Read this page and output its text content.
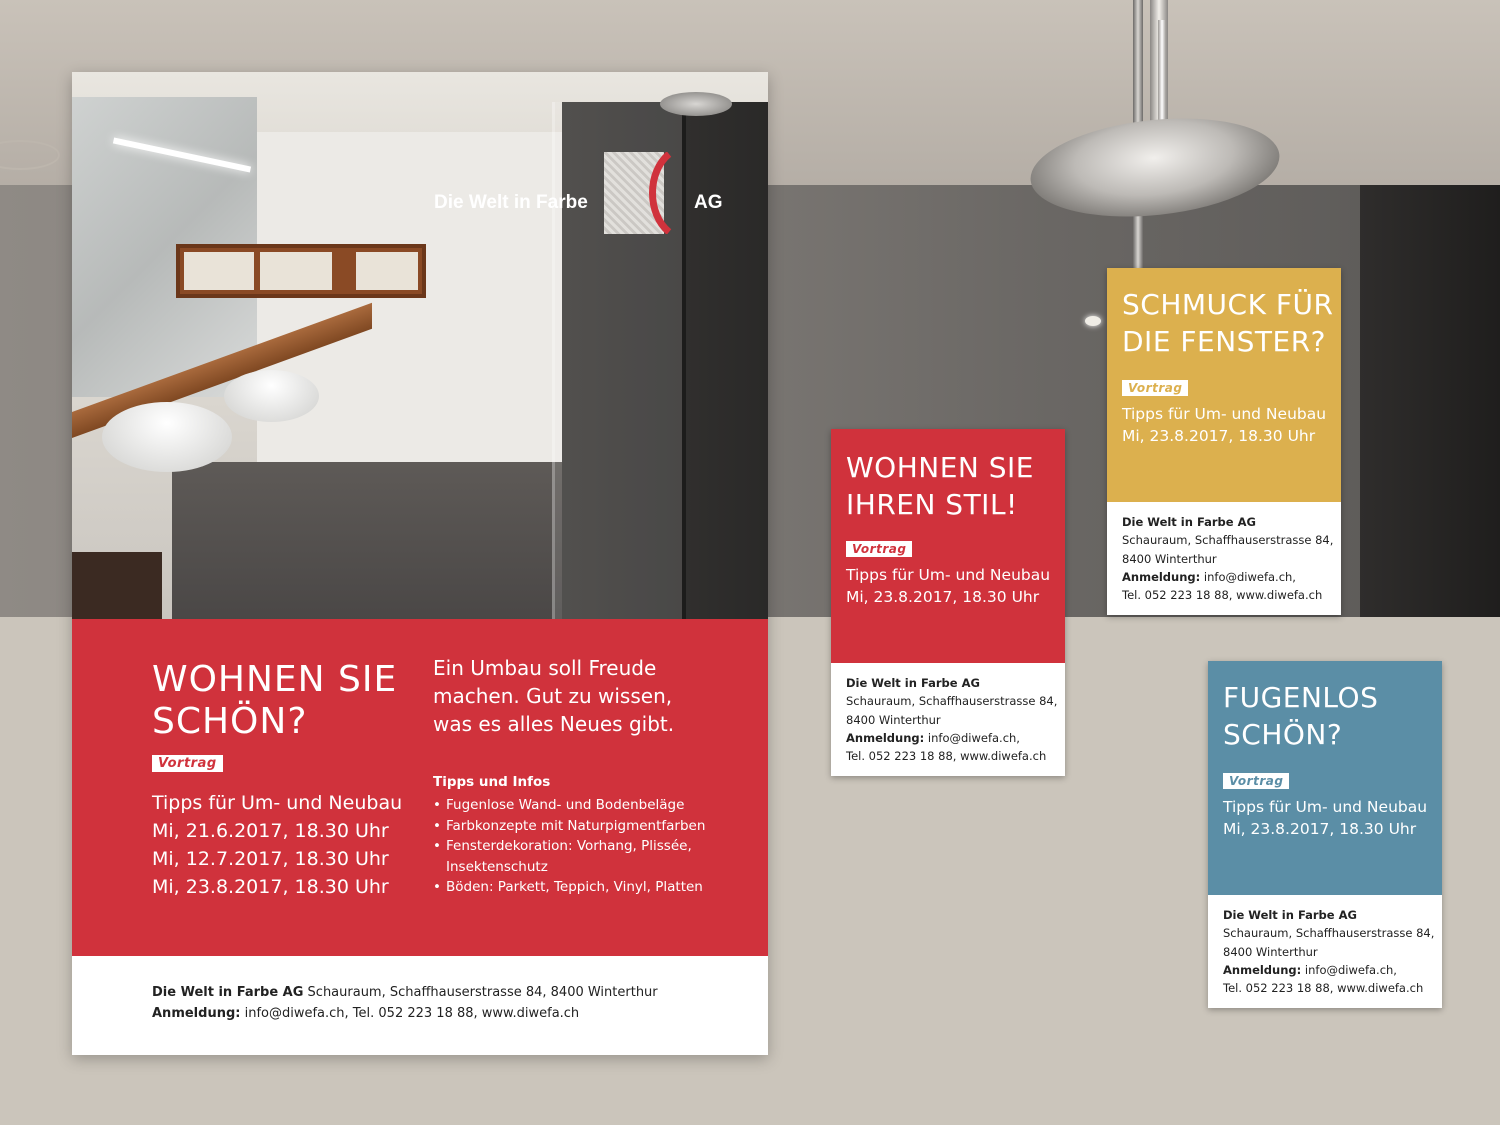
Die Welt in Farbe	AG
WOHNEN SIE
SCHÖN?
Vortrag
Tipps für Um- und Neubau
Mi, 21.6.2017, 18.30 Uhr
Mi, 12.7.2017, 18.30 Uhr
Mi, 23.8.2017, 18.30 Uhr
Ein Umbau soll Freude
machen. Gut zu wissen,
was es alles Neues gibt.
Tipps und Infos
• Fugenlose Wand- und Bodenbeläge
• Farbkonzepte mit Naturpigmentfarben
• Fensterdekoration: Vorhang, Plissée, Insektenschutz
• Böden: Parkett, Teppich, Vinyl, Platten
Die Welt in Farbe AG Schauraum, Schaffhauserstrasse 84, 8400 Winterthur
Anmeldung: info@diwefa.ch, Tel. 052 223 18 88, www.diwefa.ch
WOHNEN SIE
IHREN STIL!
Vortrag
Tipps für Um- und Neubau
Mi, 23.8.2017, 18.30 Uhr
Die Welt in Farbe AG
Schauraum, Schaffhauserstrasse 84,
8400 Winterthur
Anmeldung: info@diwefa.ch,
Tel. 052 223 18 88, www.diwefa.ch
SCHMUCK FÜR
DIE FENSTER?
Vortrag
Tipps für Um- und Neubau
Mi, 23.8.2017, 18.30 Uhr
Die Welt in Farbe AG
Schauraum, Schaffhauserstrasse 84,
8400 Winterthur
Anmeldung: info@diwefa.ch,
Tel. 052 223 18 88, www.diwefa.ch
FUGENLOS
SCHÖN?
Vortrag
Tipps für Um- und Neubau
Mi, 23.8.2017, 18.30 Uhr
Die Welt in Farbe AG
Schauraum, Schaffhauserstrasse 84,
8400 Winterthur
Anmeldung: info@diwefa.ch,
Tel. 052 223 18 88, www.diwefa.ch
